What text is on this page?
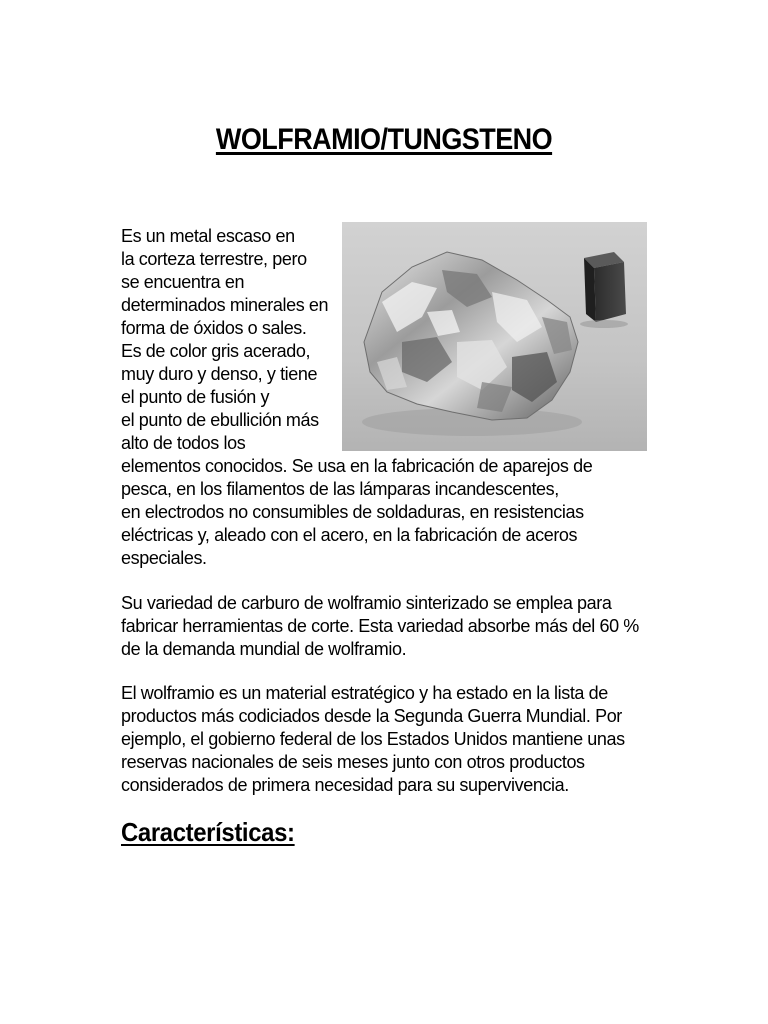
WOLFRAMIO/TUNGSTENO
Es un metal escaso en
la corteza terrestre, pero
se encuentra en
determinados minerales en
forma de óxidos o sales.
Es de color gris acerado,
muy duro y denso, y tiene
el punto de fusión y
el punto de ebullición más
alto de todos los
elementos conocidos. Se usa en la fabricación de aparejos de
pesca, en los filamentos de las lámparas incandescentes,
en electrodos no consumibles de soldaduras, en resistencias
eléctricas y, aleado con el acero, en la fabricación de aceros
especiales.
Su variedad de carburo de wolframio sinterizado se emplea para
fabricar herramientas de corte. Esta variedad absorbe más del 60 %
de la demanda mundial de wolframio.
El wolframio es un material estratégico y ha estado en la lista de
productos más codiciados desde la Segunda Guerra Mundial. Por
ejemplo, el gobierno federal de los Estados Unidos mantiene unas
reservas nacionales de seis meses junto con otros productos
considerados de primera necesidad para su supervivencia.
Características:
